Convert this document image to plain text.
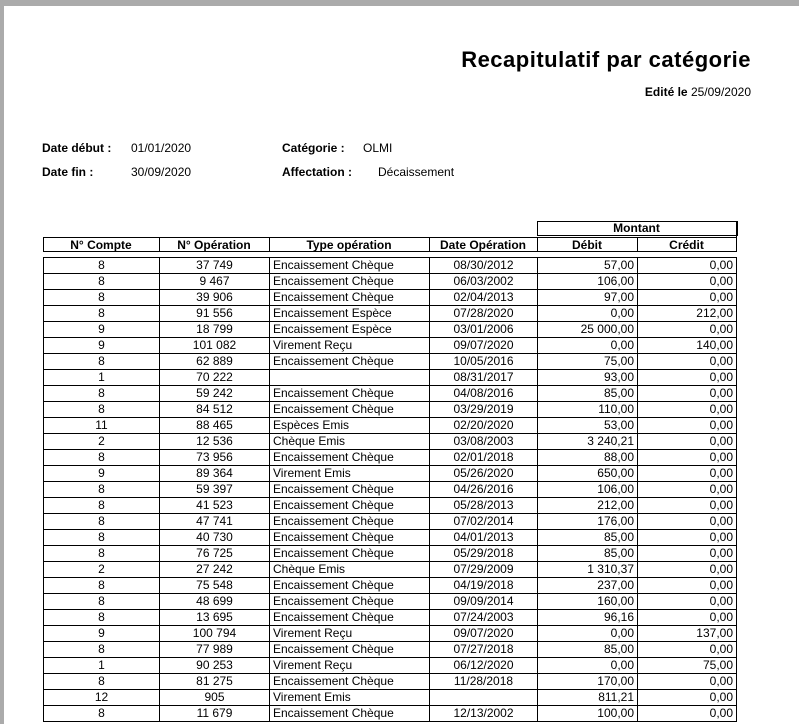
Recapitulatif par catégorie
Edité le 25/09/2020
Date début : 01/01/2020
Date fin :	30/09/2020
Catégorie : OLMI
Affectation : Décaissement
Montant
N° Compte	N° Opération	Type opération	Date Opération	Débit	Crédit
8	37 749	Encaissement Chèque	08/30/2012	57,00	0,00
8	9 467	Encaissement Chèque	06/03/2002	106,00	0,00
8	39 906	Encaissement Chèque	02/04/2013	97,00	0,00
8	91 556	Encaissement Espèce	07/28/2020	0,00	212,00
9	18 799	Encaissement Espèce	03/01/2006	25 000,00	0,00
9	101 082	Virement Reçu	09/07/2020	0,00	140,00
8	62 889	Encaissement Chèque	10/05/2016	75,00	0,00
1	70 222		08/31/2017	93,00	0,00
8	59 242	Encaissement Chèque	04/08/2016	85,00	0,00
8	84 512	Encaissement Chèque	03/29/2019	110,00	0,00
11	88 465	Espèces Emis	02/20/2020	53,00	0,00
2	12 536	Chèque Emis	03/08/2003	3 240,21	0,00
8	73 956	Encaissement Chèque	02/01/2018	88,00	0,00
9	89 364	Virement Emis	05/26/2020	650,00	0,00
8	59 397	Encaissement Chèque	04/26/2016	106,00	0,00
8	41 523	Encaissement Chèque	05/28/2013	212,00	0,00
8	47 741	Encaissement Chèque	07/02/2014	176,00	0,00
8	40 730	Encaissement Chèque	04/01/2013	85,00	0,00
8	76 725	Encaissement Chèque	05/29/2018	85,00	0,00
2	27 242	Chèque Emis	07/29/2009	1 310,37	0,00
8	75 548	Encaissement Chèque	04/19/2018	237,00	0,00
8	48 699	Encaissement Chèque	09/09/2014	160,00	0,00
8	13 695	Encaissement Chèque	07/24/2003	96,16	0,00
9	100 794	Virement Reçu	09/07/2020	0,00	137,00
8	77 989	Encaissement Chèque	07/27/2018	85,00	0,00
1	90 253	Virement Reçu	06/12/2020	0,00	75,00
8	81 275	Encaissement Chèque	11/28/2018	170,00	0,00
12	905	Virement Emis		811,21	0,00
8	11 679	Encaissement Chèque	12/13/2002	100,00	0,00
